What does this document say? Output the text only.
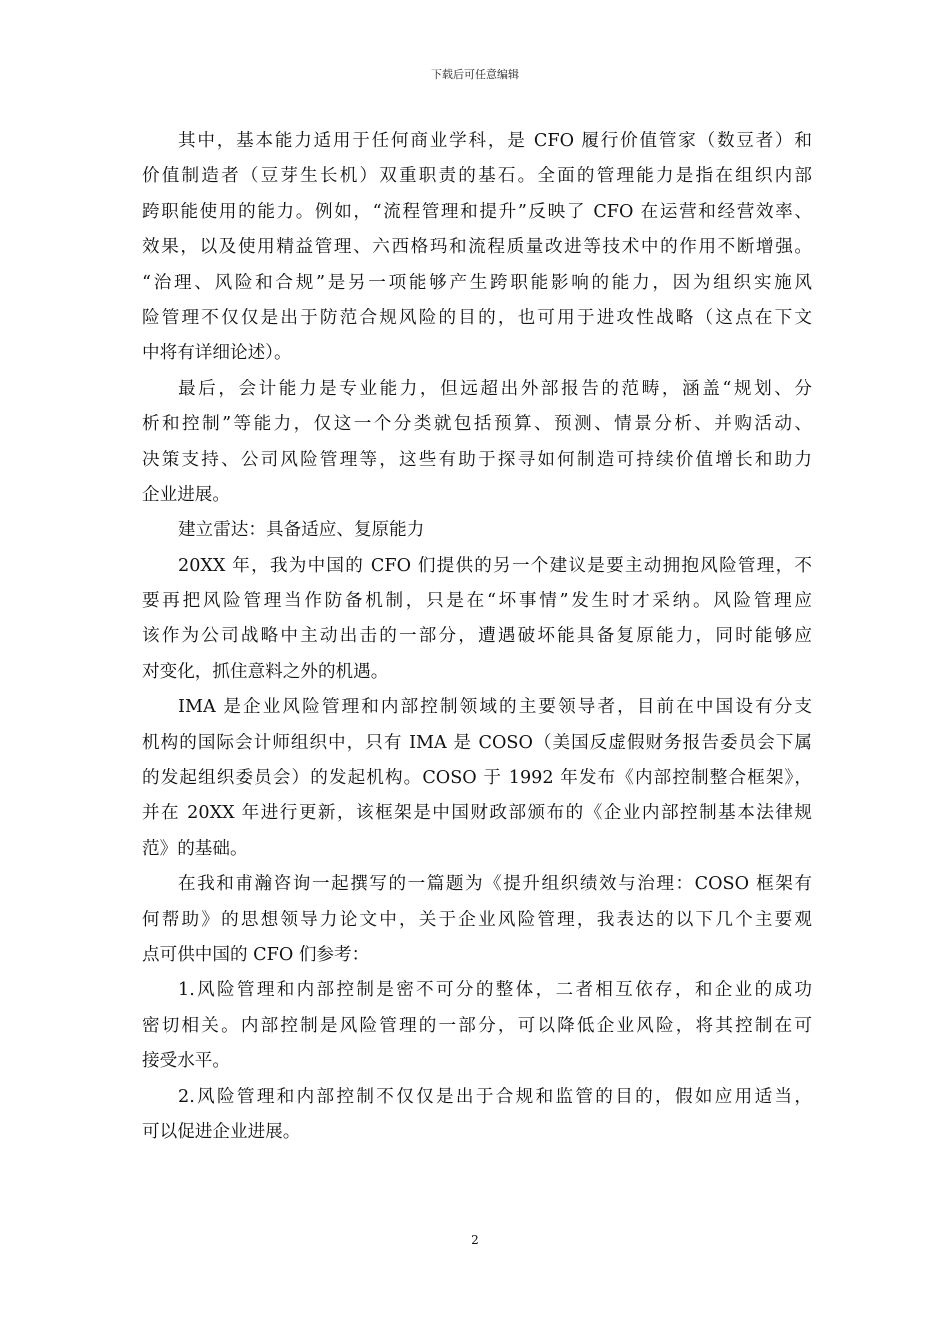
下载后可任意编辑
其中，基本能力适用于任何商业学科，是 CFO 履行价值管家（数豆者）和
价值制造者（豆芽生长机）双重职责的基石。全面的管理能力是指在组织内部
跨职能使用的能力。例如，“流程管理和提升”反映了 CFO 在运营和经营效率、
效果，以及使用精益管理、六西格玛和流程质量改进等技术中的作用不断增强。
“治理、风险和合规”是另一项能够产生跨职能影响的能力，因为组织实施风
险管理不仅仅是出于防范合规风险的目的，也可用于进攻性战略（这点在下文
中将有详细论述）。
最后，会计能力是专业能力，但远超出外部报告的范畴，涵盖“规划、分
析和控制”等能力，仅这一个分类就包括预算、预测、情景分析、并购活动、
决策支持、公司风险管理等，这些有助于探寻如何制造可持续价值增长和助力
企业进展。
建立雷达：具备适应、复原能力
20XX 年，我为中国的 CFO 们提供的另一个建议是要主动拥抱风险管理，不
要再把风险管理当作防备机制，只是在“坏事情”发生时才采纳。风险管理应
该作为公司战略中主动出击的一部分，遭遇破坏能具备复原能力，同时能够应
对变化，抓住意料之外的机遇。
IMA 是企业风险管理和内部控制领域的主要领导者，目前在中国设有分支
机构的国际会计师组织中，只有 IMA 是 COSO（美国反虚假财务报告委员会下属
的发起组织委员会）的发起机构。COSO 于 1992 年发布《内部控制整合框架》，
并在 20XX 年进行更新，该框架是中国财政部颁布的《企业内部控制基本法律规
范》的基础。
在我和甫瀚咨询一起撰写的一篇题为《提升组织绩效与治理：COSO 框架有
何帮助》的思想领导力论文中，关于企业风险管理，我表达的以下几个主要观
点可供中国的 CFO 们参考：
1.风险管理和内部控制是密不可分的整体，二者相互依存，和企业的成功
密切相关。内部控制是风险管理的一部分，可以降低企业风险，将其控制在可
接受水平。
2.风险管理和内部控制不仅仅是出于合规和监管的目的，假如应用适当，
可以促进企业进展。
2
